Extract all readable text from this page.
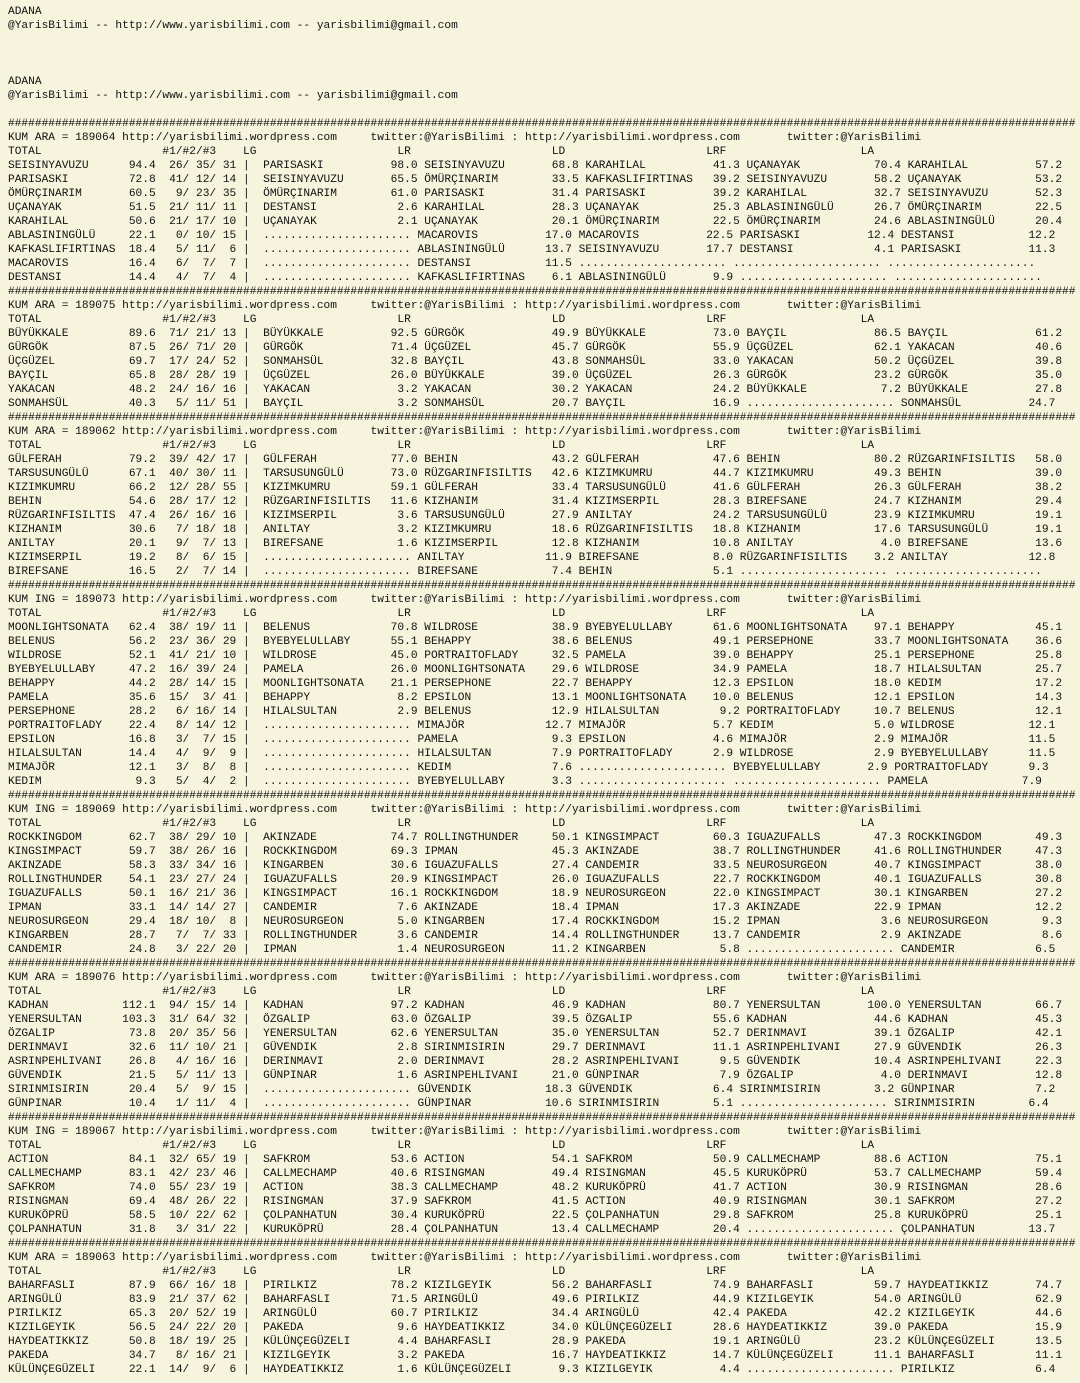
ADANA
@YarisBilimi -- http://www.yarisbilimi.com -- yarisbilimi@gmail.com
ADANA
@YarisBilimi -- http://www.yarisbilimi.com -- yarisbilimi@gmail.com
###############################################################################################################################################################
KUM ARA = 189064 http://yarisbilimi.wordpress.com     twitter:@YarisBilimi : http://yarisbilimi.wordpress.com       twitter:@YarisBilimi
TOTAL                  #1/#2/#3    LG                     LR                     LD                     LRF                    LA
SEISINYAVUZU      94.4  26/ 35/ 31 |  PARISASKI          98.0 SEISINYAVUZU       68.8 KARAHILAL          41.3 UÇANAYAK           70.4 KARAHILAL          57.2
PARISASKI         72.8  41/ 12/ 14 |  SEISINYAVUZU       65.5 ÖMÜRÇINARIM        33.5 KAFKASLIFIRTINAS   39.2 SEISINYAVUZU       58.2 UÇANAYAK           53.2
ÖMÜRÇINARIM       60.5   9/ 23/ 35 |  ÖMÜRÇINARIM        61.0 PARISASKI          31.4 PARISASKI          39.2 KARAHILAL          32.7 SEISINYAVUZU       52.3
UÇANAYAK          51.5  21/ 11/ 11 |  DESTANSI            2.6 KARAHILAL          28.3 UÇANAYAK           25.3 ABLASININGÜLÜ      26.7 ÖMÜRÇINARIM        22.5
KARAHILAL         50.6  21/ 17/ 10 |  UÇANAYAK            2.1 UÇANAYAK           20.1 ÖMÜRÇINARIM        22.5 ÖMÜRÇINARIM        24.6 ABLASININGÜLÜ      20.4
ABLASININGÜLÜ     22.1   0/ 10/ 15 |  ...................... MACAROVIS          17.0 MACAROVIS          22.5 PARISASKI          12.4 DESTANSI           12.2
KAFKASLIFIRTINAS  18.4   5/ 11/  6 |  ...................... ABLASININGÜLÜ      13.7 SEISINYAVUZU       17.7 DESTANSI            4.1 PARISASKI          11.3
MACAROVIS         16.4   6/  7/  7 |  ...................... DESTANSI           11.5 ...................... ...................... ......................
DESTANSI          14.4   4/  7/  4 |  ...................... KAFKASLIFIRTINAS    6.1 ABLASININGÜLÜ       9.9 ...................... ......................
###############################################################################################################################################################
KUM ARA = 189075 http://yarisbilimi.wordpress.com     twitter:@YarisBilimi : http://yarisbilimi.wordpress.com       twitter:@YarisBilimi
TOTAL                  #1/#2/#3    LG                     LR                     LD                     LRF                    LA
BÜYÜKKALE         89.6  71/ 21/ 13 |  BÜYÜKKALE          92.5 GÜRGÖK             49.9 BÜYÜKKALE          73.0 BAYÇIL             86.5 BAYÇIL             61.2
GÜRGÖK            87.5  26/ 71/ 20 |  GÜRGÖK             71.4 ÜÇGÜZEL            45.7 GÜRGÖK             55.9 ÜÇGÜZEL            62.1 YAKACAN            40.6
ÜÇGÜZEL           69.7  17/ 24/ 52 |  SONMAHSÜL          32.8 BAYÇIL             43.8 SONMAHSÜL          33.0 YAKACAN            50.2 ÜÇGÜZEL            39.8
BAYÇIL            65.8  28/ 28/ 19 |  ÜÇGÜZEL            26.0 BÜYÜKKALE          39.0 ÜÇGÜZEL            26.3 GÜRGÖK             23.2 GÜRGÖK             35.0
YAKACAN           48.2  24/ 16/ 16 |  YAKACAN             3.2 YAKACAN            30.2 YAKACAN            24.2 BÜYÜKKALE           7.2 BÜYÜKKALE          27.8
SONMAHSÜL         40.3   5/ 11/ 51 |  BAYÇIL              3.2 SONMAHSÜL          20.7 BAYÇIL             16.9 ...................... SONMAHSÜL          24.7
###############################################################################################################################################################
KUM ARA = 189062 http://yarisbilimi.wordpress.com     twitter:@YarisBilimi : http://yarisbilimi.wordpress.com       twitter:@YarisBilimi
TOTAL                  #1/#2/#3    LG                     LR                     LD                     LRF                    LA
GÜLFERAH          79.2  39/ 42/ 17 |  GÜLFERAH           77.0 BEHIN              43.2 GÜLFERAH           47.6 BEHIN              80.2 RÜZGARINFISILTIS   58.0
TARSUSUNGÜLÜ      67.1  40/ 30/ 11 |  TARSUSUNGÜLÜ       73.0 RÜZGARINFISILTIS   42.6 KIZIMKUMRU         44.7 KIZIMKUMRU         49.3 BEHIN              39.0
KIZIMKUMRU        66.2  12/ 28/ 55 |  KIZIMKUMRU         59.1 GÜLFERAH           33.4 TARSUSUNGÜLÜ       41.6 GÜLFERAH           26.3 GÜLFERAH           38.2
BEHIN             54.6  28/ 17/ 12 |  RÜZGARINFISILTIS   11.6 KIZHANIM           31.4 KIZIMSERPIL        28.3 BIREFSANE          24.7 KIZHANIM           29.4
RÜZGARINFISILTIS  47.4  26/ 16/ 16 |  KIZIMSERPIL         3.6 TARSUSUNGÜLÜ       27.9 ANILTAY            24.2 TARSUSUNGÜLÜ       23.9 KIZIMKUMRU         19.1
KIZHANIM          30.6   7/ 18/ 18 |  ANILTAY             3.2 KIZIMKUMRU         18.6 RÜZGARINFISILTIS   18.8 KIZHANIM           17.6 TARSUSUNGÜLÜ       19.1
ANILTAY           20.1   9/  7/ 13 |  BIREFSANE           1.6 KIZIMSERPIL        12.8 KIZHANIM           10.8 ANILTAY             4.0 BIREFSANE          13.6
KIZIMSERPIL       19.2   8/  6/ 15 |  ...................... ANILTAY            11.9 BIREFSANE           8.0 RÜZGARINFISILTIS    3.2 ANILTAY            12.8
BIREFSANE         16.5   2/  7/ 14 |  ...................... BIREFSANE           7.4 BEHIN               5.1 ...................... ......................
###############################################################################################################################################################
KUM ING = 189073 http://yarisbilimi.wordpress.com     twitter:@YarisBilimi : http://yarisbilimi.wordpress.com       twitter:@YarisBilimi
TOTAL                  #1/#2/#3    LG                     LR                     LD                     LRF                    LA
MOONLIGHTSONATA   62.4  38/ 19/ 11 |  BELENUS            70.8 WILDROSE           38.9 BYEBYELULLABY      61.6 MOONLIGHTSONATA    97.1 BEHAPPY            45.1
BELENUS           56.2  23/ 36/ 29 |  BYEBYELULLABY      55.1 BEHAPPY            38.6 BELENUS            49.1 PERSEPHONE         33.7 MOONLIGHTSONATA    36.6
WILDROSE          52.1  41/ 21/ 10 |  WILDROSE           45.0 PORTRAITOFLADY     32.5 PAMELA             39.0 BEHAPPY            25.1 PERSEPHONE         25.8
BYEBYELULLABY     47.2  16/ 39/ 24 |  PAMELA             26.0 MOONLIGHTSONATA    29.6 WILDROSE           34.9 PAMELA             18.7 HILALSULTAN        25.7
BEHAPPY           44.2  28/ 14/ 15 |  MOONLIGHTSONATA    21.1 PERSEPHONE         22.7 BEHAPPY            12.3 EPSILON            18.0 KEDIM              17.2
PAMELA            35.6  15/  3/ 41 |  BEHAPPY             8.2 EPSILON            13.1 MOONLIGHTSONATA    10.0 BELENUS            12.1 EPSILON            14.3
PERSEPHONE        28.2   6/ 16/ 14 |  HILALSULTAN         2.9 BELENUS            12.9 HILALSULTAN         9.2 PORTRAITOFLADY     10.7 BELENUS            12.1
PORTRAITOFLADY    22.4   8/ 14/ 12 |  ...................... MIMAJÖR            12.7 MIMAJÖR             5.7 KEDIM               5.0 WILDROSE           12.1
EPSILON           16.8   3/  7/ 15 |  ...................... PAMELA              9.3 EPSILON             4.6 MIMAJÖR             2.9 MIMAJÖR            11.5
HILALSULTAN       14.4   4/  9/  9 |  ...................... HILALSULTAN         7.9 PORTRAITOFLADY      2.9 WILDROSE            2.9 BYEBYELULLABY      11.5
MIMAJÖR           12.1   3/  8/  8 |  ...................... KEDIM               7.6 ...................... BYEBYELULLABY       2.9 PORTRAITOFLADY      9.3
KEDIM              9.3   5/  4/  2 |  ...................... BYEBYELULLABY       3.3 ...................... ...................... PAMELA              7.9
###############################################################################################################################################################
KUM ING = 189069 http://yarisbilimi.wordpress.com     twitter:@YarisBilimi : http://yarisbilimi.wordpress.com       twitter:@YarisBilimi
TOTAL                  #1/#2/#3    LG                     LR                     LD                     LRF                    LA
ROCKKINGDOM       62.7  38/ 29/ 10 |  AKINZADE           74.7 ROLLINGTHUNDER     50.1 KINGSIMPACT        60.3 IGUAZUFALLS        47.3 ROCKKINGDOM        49.3
KINGSIMPACT       59.7  38/ 26/ 16 |  ROCKKINGDOM        69.3 IPMAN              45.3 AKINZADE           38.7 ROLLINGTHUNDER     41.6 ROLLINGTHUNDER     47.3
AKINZADE          58.3  33/ 34/ 16 |  KINGARBEN          30.6 IGUAZUFALLS        27.4 CANDEMIR           33.5 NEUROSURGEON       40.7 KINGSIMPACT        38.0
ROLLINGTHUNDER    54.1  23/ 27/ 24 |  IGUAZUFALLS        20.9 KINGSIMPACT        26.0 IGUAZUFALLS        22.7 ROCKKINGDOM        40.1 IGUAZUFALLS        30.8
IGUAZUFALLS       50.1  16/ 21/ 36 |  KINGSIMPACT        16.1 ROCKKINGDOM        18.9 NEUROSURGEON       22.0 KINGSIMPACT        30.1 KINGARBEN          27.2
IPMAN             33.1  14/ 14/ 27 |  CANDEMIR            7.6 AKINZADE           18.4 IPMAN              17.3 AKINZADE           22.9 IPMAN              12.2
NEUROSURGEON      29.4  18/ 10/  8 |  NEUROSURGEON        5.0 KINGARBEN          17.4 ROCKKINGDOM        15.2 IPMAN               3.6 NEUROSURGEON        9.3
KINGARBEN         28.7   7/  7/ 33 |  ROLLINGTHUNDER      3.6 CANDEMIR           14.4 ROLLINGTHUNDER     13.7 CANDEMIR            2.9 AKINZADE            8.6
CANDEMIR          24.8   3/ 22/ 20 |  IPMAN               1.4 NEUROSURGEON       11.2 KINGARBEN           5.8 ...................... CANDEMIR            6.5
###############################################################################################################################################################
KUM ARA = 189076 http://yarisbilimi.wordpress.com     twitter:@YarisBilimi : http://yarisbilimi.wordpress.com       twitter:@YarisBilimi
TOTAL                  #1/#2/#3    LG                     LR                     LD                     LRF                    LA
KADHAN           112.1  94/ 15/ 14 |  KADHAN             97.2 KADHAN             46.9 KADHAN             80.7 YENERSULTAN       100.0 YENERSULTAN        66.7
YENERSULTAN      103.3  31/ 64/ 32 |  ÖZGALIP            63.0 ÖZGALIP            39.5 ÖZGALIP            55.6 KADHAN             44.6 KADHAN             45.3
ÖZGALIP           73.8  20/ 35/ 56 |  YENERSULTAN        62.6 YENERSULTAN        35.0 YENERSULTAN        52.7 DERINMAVI          39.1 ÖZGALIP            42.1
DERINMAVI         32.6  11/ 10/ 21 |  GÜVENDIK            2.8 SIRINMISIRIN       29.7 DERINMAVI          11.1 ASRINPEHLIVANI     27.9 GÜVENDIK           26.3
ASRINPEHLIVANI    26.8   4/ 16/ 16 |  DERINMAVI           2.0 DERINMAVI          28.2 ASRINPEHLIVANI      9.5 GÜVENDIK           10.4 ASRINPEHLIVANI     22.3
GÜVENDIK          21.5   5/ 11/ 13 |  GÜNPINAR            1.6 ASRINPEHLIVANI     21.0 GÜNPINAR            7.9 ÖZGALIP             4.0 DERINMAVI          12.8
SIRINMISIRIN      20.4   5/  9/ 15 |  ...................... GÜVENDIK           18.3 GÜVENDIK            6.4 SIRINMISIRIN        3.2 GÜNPINAR            7.2
GÜNPINAR          10.4   1/ 11/  4 |  ...................... GÜNPINAR           10.6 SIRINMISIRIN        5.1 ...................... SIRINMISIRIN        6.4
###############################################################################################################################################################
KUM ING = 189067 http://yarisbilimi.wordpress.com     twitter:@YarisBilimi : http://yarisbilimi.wordpress.com       twitter:@YarisBilimi
TOTAL                  #1/#2/#3    LG                     LR                     LD                     LRF                    LA
ACTION            84.1  32/ 65/ 19 |  SAFKROM            53.6 ACTION             54.1 SAFKROM            50.9 CALLMECHAMP        88.6 ACTION             75.1
CALLMECHAMP       83.1  42/ 23/ 46 |  CALLMECHAMP        40.6 RISINGMAN          49.4 RISINGMAN          45.5 KURUKÖPRÜ          53.7 CALLMECHAMP        59.4
SAFKROM           74.0  55/ 23/ 19 |  ACTION             38.3 CALLMECHAMP        48.2 KURUKÖPRÜ          41.7 ACTION             30.9 RISINGMAN          28.6
RISINGMAN         69.4  48/ 26/ 22 |  RISINGMAN          37.9 SAFKROM            41.5 ACTION             40.9 RISINGMAN          30.1 SAFKROM            27.2
KURUKÖPRÜ         58.5  10/ 22/ 62 |  ÇOLPANHATUN        30.4 KURUKÖPRÜ          22.5 ÇOLPANHATUN        29.8 SAFKROM            25.8 KURUKÖPRÜ          25.1
ÇOLPANHATUN       31.8   3/ 31/ 22 |  KURUKÖPRÜ          28.4 ÇOLPANHATUN        13.4 CALLMECHAMP        20.4 ...................... ÇOLPANHATUN        13.7
###############################################################################################################################################################
KUM ARA = 189063 http://yarisbilimi.wordpress.com     twitter:@YarisBilimi : http://yarisbilimi.wordpress.com       twitter:@YarisBilimi
TOTAL                  #1/#2/#3    LG                     LR                     LD                     LRF                    LA
BAHARFASLI        87.9  66/ 16/ 18 |  PIRILKIZ           78.2 KIZILGEYIK         56.2 BAHARFASLI         74.9 BAHARFASLI         59.7 HAYDEATIKKIZ       74.7
ARINGÜLÜ          83.9  21/ 37/ 62 |  BAHARFASLI         71.5 ARINGÜLÜ           49.6 PIRILKIZ           44.9 KIZILGEYIK         54.0 ARINGÜLÜ           62.9
PIRILKIZ          65.3  20/ 52/ 19 |  ARINGÜLÜ           60.7 PIRILKIZ           34.4 ARINGÜLÜ           42.4 PAKEDA             42.2 KIZILGEYIK         44.6
KIZILGEYIK        56.5  24/ 22/ 20 |  PAKEDA              9.6 HAYDEATIKKIZ       34.0 KÜLÜNÇEGÜZELI      28.6 HAYDEATIKKIZ       39.0 PAKEDA             15.9
HAYDEATIKKIZ      50.8  18/ 19/ 25 |  KÜLÜNÇEGÜZELI       4.4 BAHARFASLI         28.9 PAKEDA             19.1 ARINGÜLÜ           23.2 KÜLÜNÇEGÜZELI      13.5
PAKEDA            34.7   8/ 16/ 21 |  KIZILGEYIK          3.2 PAKEDA             16.7 HAYDEATIKKIZ       14.7 KÜLÜNÇEGÜZELI      11.1 BAHARFASLI         11.1
KÜLÜNÇEGÜZELI     22.1  14/  9/  6 |  HAYDEATIKKIZ        1.6 KÜLÜNÇEGÜZELI       9.3 KIZILGEYIK          4.4 ...................... PIRILKIZ            6.4
